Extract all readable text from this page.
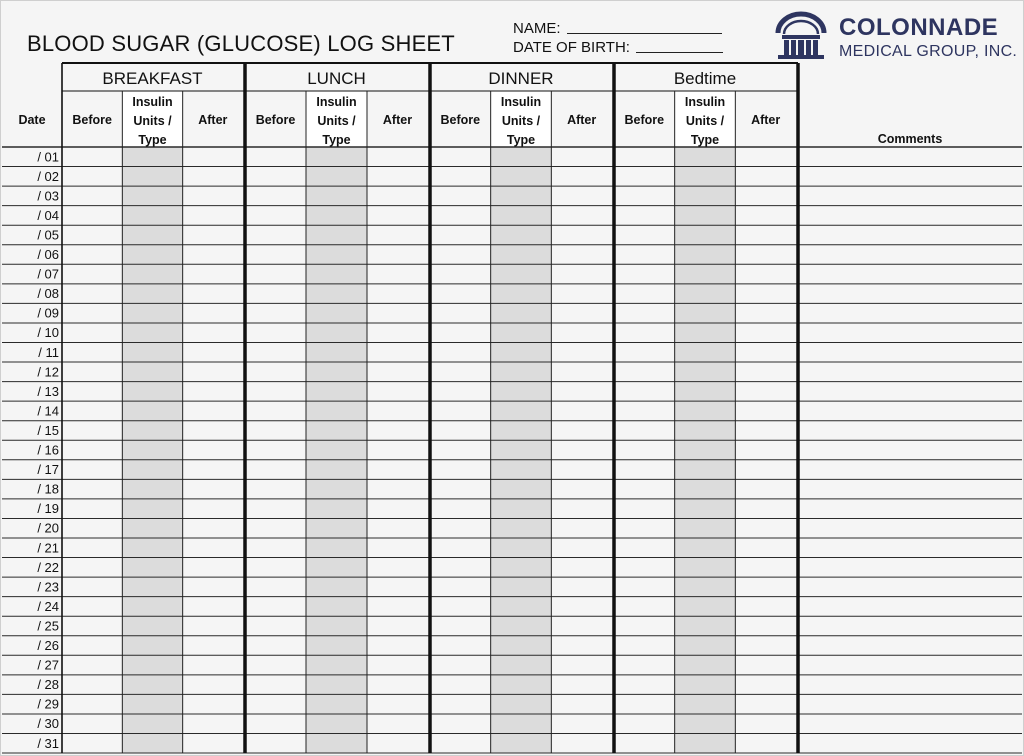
BLOOD SUGAR (GLUCOSE) LOG SHEET
NAME:
DATE OF BIRTH:
COLONNADE
MEDICAL GROUP, INC.
Date
Comments
BREAKFAST
Before
Insulin
Units /
Type
After
LUNCH
Before
Insulin
Units /
Type
After
DINNER
Before
Insulin
Units /
Type
After
Bedtime
Before
Insulin
Units /
Type
After
/ 01
/ 02
/ 03
/ 04
/ 05
/ 06
/ 07
/ 08
/ 09
/ 10
/ 11
/ 12
/ 13
/ 14
/ 15
/ 16
/ 17
/ 18
/ 19
/ 20
/ 21
/ 22
/ 23
/ 24
/ 25
/ 26
/ 27
/ 28
/ 29
/ 30
/ 31
